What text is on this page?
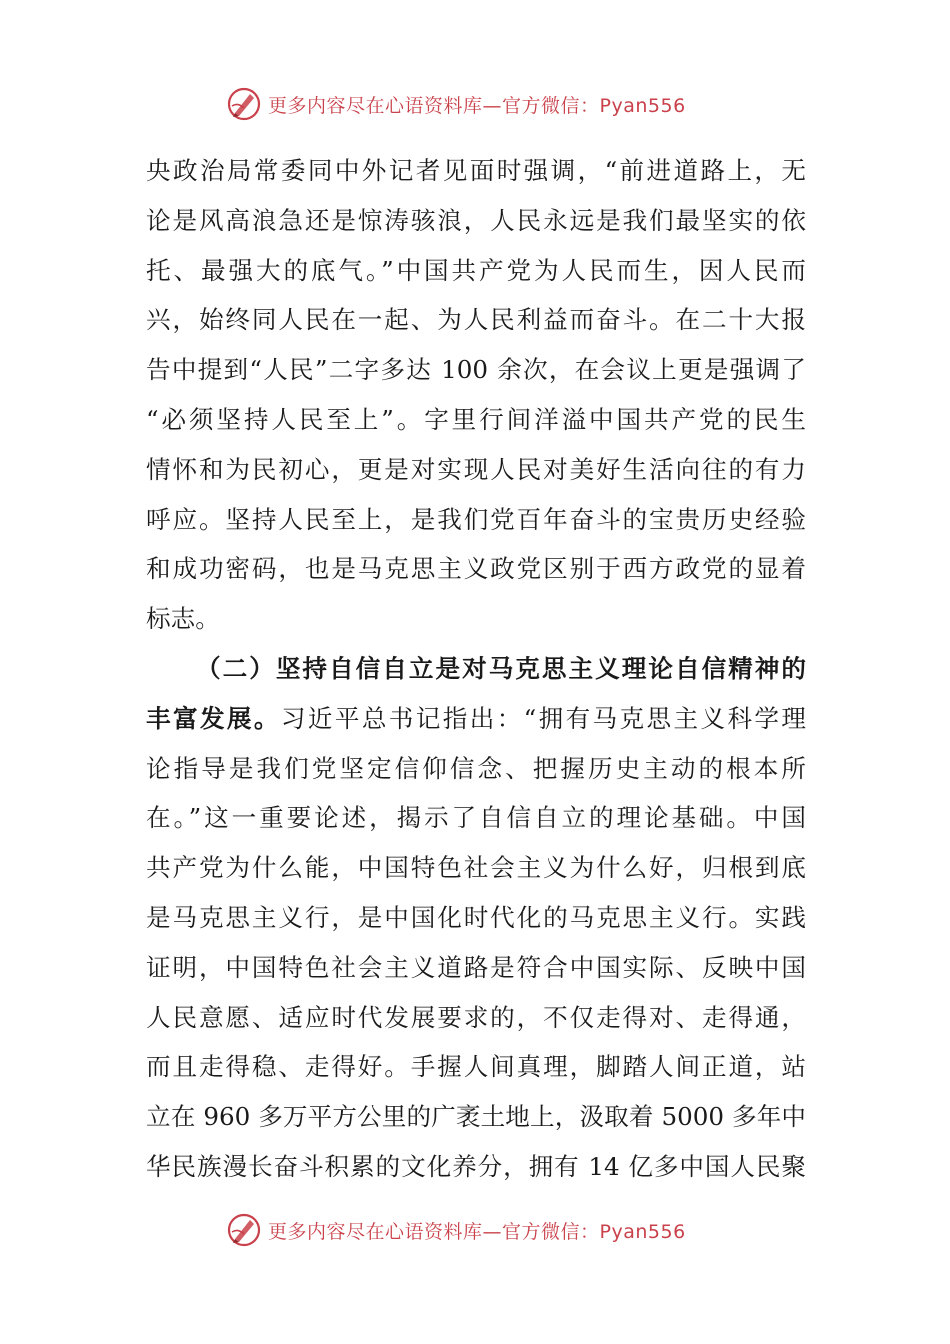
更多内容尽在心语资料库—官方微信：Pyan556
央政治局常委同中外记者见面时强调，“前进道路上，无
论是风高浪急还是惊涛骇浪，人民永远是我们最坚实的依
托、最强大的底气。”中国共产党为人民而生，因人民而
兴，始终同人民在一起、为人民利益而奋斗。在二十大报
告中提到“人民”二字多达 100 余次，在会议上更是强调了
“必须坚持人民至上”。字里行间洋溢中国共产党的民生
情怀和为民初心，更是对实现人民对美好生活向往的有力
呼应。坚持人民至上，是我们党百年奋斗的宝贵历史经验
和成功密码，也是马克思主义政党区别于西方政党的显着
标志。
（二）坚持自信自立是对马克思主义理论自信精神的
丰富发展。习近平总书记指出：“拥有马克思主义科学理
论指导是我们党坚定信仰信念、把握历史主动的根本所
在。”这一重要论述，揭示了自信自立的理论基础。中国
共产党为什么能，中国特色社会主义为什么好，归根到底
是马克思主义行，是中国化时代化的马克思主义行。实践
证明，中国特色社会主义道路是符合中国实际、反映中国
人民意愿、适应时代发展要求的，不仅走得对、走得通，
而且走得稳、走得好。手握人间真理，脚踏人间正道，站
立在 960 多万平方公里的广袤土地上，汲取着 5000 多年中
华民族漫长奋斗积累的文化养分，拥有 14 亿多中国人民聚
更多内容尽在心语资料库—官方微信：Pyan556
